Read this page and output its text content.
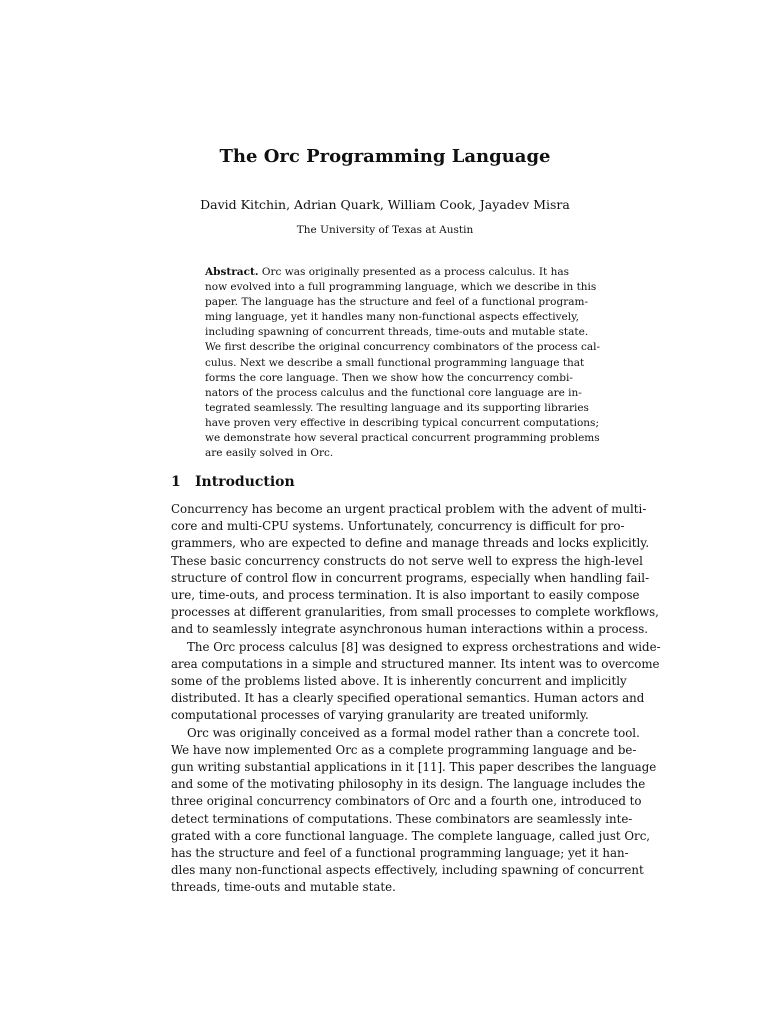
The Orc Programming Language

David Kitchin, Adrian Quark, William Cook, Jayadev Misra

The University of Texas at Austin

Abstract. Orc was originally presented as a process calculus. It has
now evolved into a full programming language, which we describe in this
paper. The language has the structure and feel of a functional program-
ming language, yet it handles many non-functional aspects effectively,
including spawning of concurrent threads, time-outs and mutable state.
We first describe the original concurrency combinators of the process cal-
culus. Next we describe a small functional programming language that
forms the core language. Then we show how the concurrency combi-
nators of the process calculus and the functional core language are in-
tegrated seamlessly. The resulting language and its supporting libraries
have proven very effective in describing typical concurrent computations;
we demonstrate how several practical concurrent programming problems
are easily solved in Orc.
1 Introduction
Concurrency has become an urgent practical problem with the advent of multi-
core and multi-CPU systems. Unfortunately, concurrency is difficult for pro-
grammers, who are expected to define and manage threads and locks explicitly.
These basic concurrency constructs do not serve well to express the high-level
structure of control flow in concurrent programs, especially when handling fail-
ure, time-outs, and process termination. It is also important to easily compose
processes at different granularities, from small processes to complete workflows,
and to seamlessly integrate asynchronous human interactions within a process.
The Orc process calculus [8] was designed to express orchestrations and wide-
area computations in a simple and structured manner. Its intent was to overcome
some of the problems listed above. It is inherently concurrent and implicitly
distributed. It has a clearly specified operational semantics. Human actors and
computational processes of varying granularity are treated uniformly.
Orc was originally conceived as a formal model rather than a concrete tool.
We have now implemented Orc as a complete programming language and be-
gun writing substantial applications in it [11]. This paper describes the language
and some of the motivating philosophy in its design. The language includes the
three original concurrency combinators of Orc and a fourth one, introduced to
detect terminations of computations. These combinators are seamlessly inte-
grated with a core functional language. The complete language, called just Orc,
has the structure and feel of a functional programming language; yet it han-
dles many non-functional aspects effectively, including spawning of concurrent
threads, time-outs and mutable state.
